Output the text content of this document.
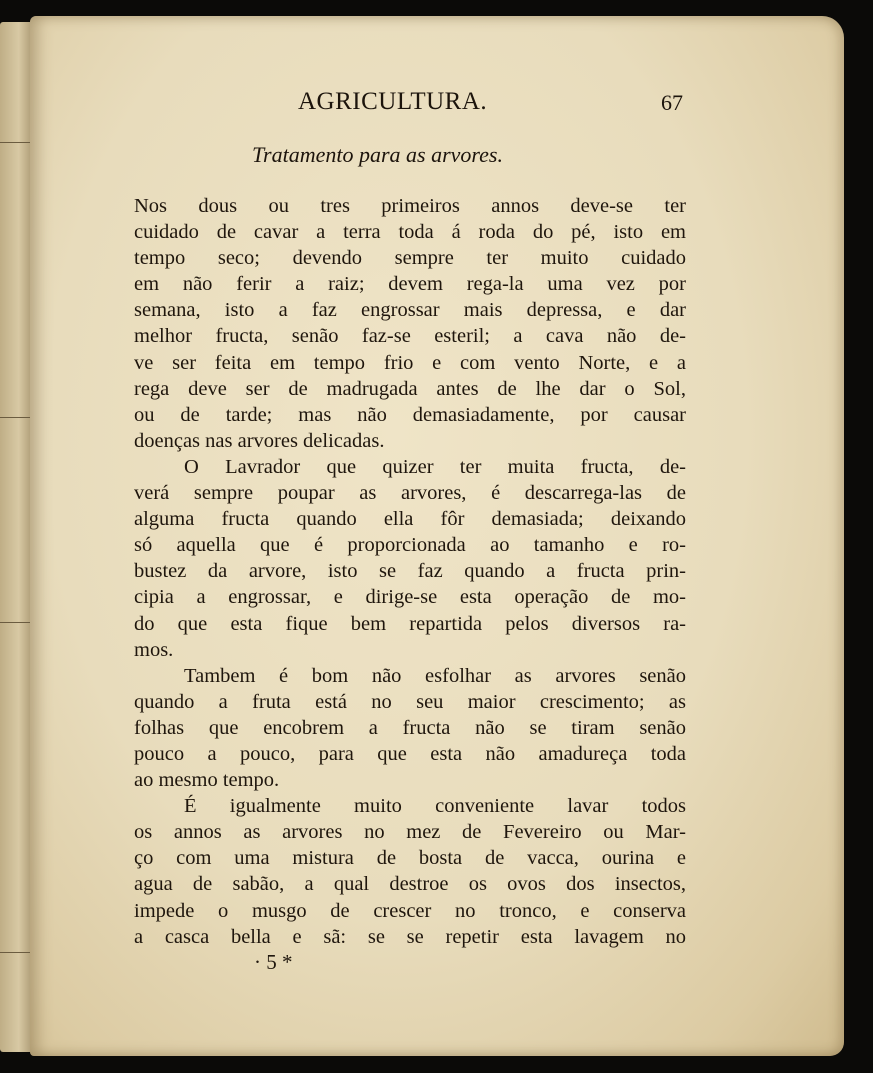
AGRICULTURA.	67
Tratamento para as arvores.
Nos dous ou tres primeiros annos deve-se ter
cuidado de cavar a terra toda á roda do pé, isto em
tempo seco; devendo sempre ter muito cuidado
em não ferir a raiz; devem rega-la uma vez por
semana, isto a faz engrossar mais depressa, e dar
melhor fructa, senão faz-se esteril; a cava não de-
ve ser feita em tempo frio e com vento Norte, e a
rega deve ser de madrugada antes de lhe dar o Sol,
ou de tarde; mas não demasiadamente, por causar
doenças nas arvores delicadas.
O Lavrador que quizer ter muita fructa, de-
verá sempre poupar as arvores, é descarrega-las de
alguma fructa quando ella fôr demasiada; deixando
só aquella que é proporcionada ao tamanho e ro-
bustez da arvore, isto se faz quando a fructa prin-
cipia a engrossar, e dirige-se esta operação de mo-
do que esta fique bem repartida pelos diversos ra-
mos.
Tambem é bom não esfolhar as arvores senão
quando a fruta está no seu maior crescimento; as
folhas que encobrem a fructa não se tiram senão
pouco a pouco, para que esta não amadureça toda
ao mesmo tempo.
É igualmente muito conveniente lavar todos
os annos as arvores no mez de Fevereiro ou Mar-
ço com uma mistura de bosta de vacca, ourina e
agua de sabão, a qual destroe os ovos dos insectos,
impede o musgo de crescer no tronco, e conserva
a casca bella e sã: se se repetir esta lavagem no
· 5 *
